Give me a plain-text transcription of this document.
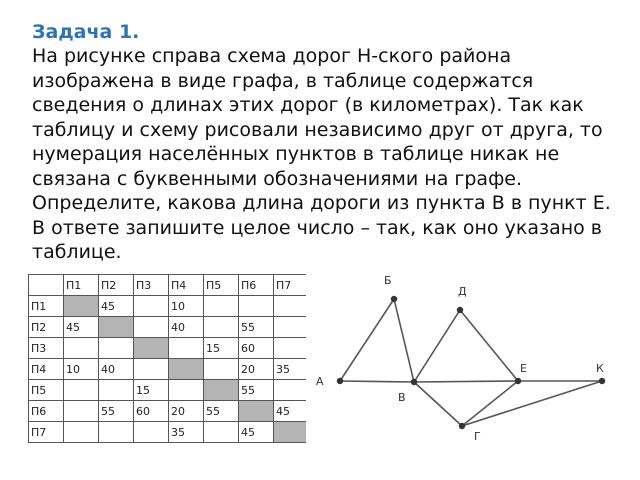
Задача 1.
На рисунке справа схема дорог Н-ского района изображена в виде графа, в таблице содержатся сведения о длинах этих дорог (в километрах). Так как таблицу и схему рисовали независимо друг от друга, то нумерация населённых пунктов в таблице никак не связана с буквенными обозначениями на графе. Определите, какова длина дороги из пункта В в пункт Е. В ответе запишите целое число – так, как оно указано в таблице.
	П1	П2	П3	П4	П5	П6	П7
П1		45		10			
П2	45			40		55	
П3					15	60	
П4	10	40				20	35
П5			15			55	
П6		55	60	20	55		45
П7				35		45	
А
Б
В
Г
Д
Е	К
